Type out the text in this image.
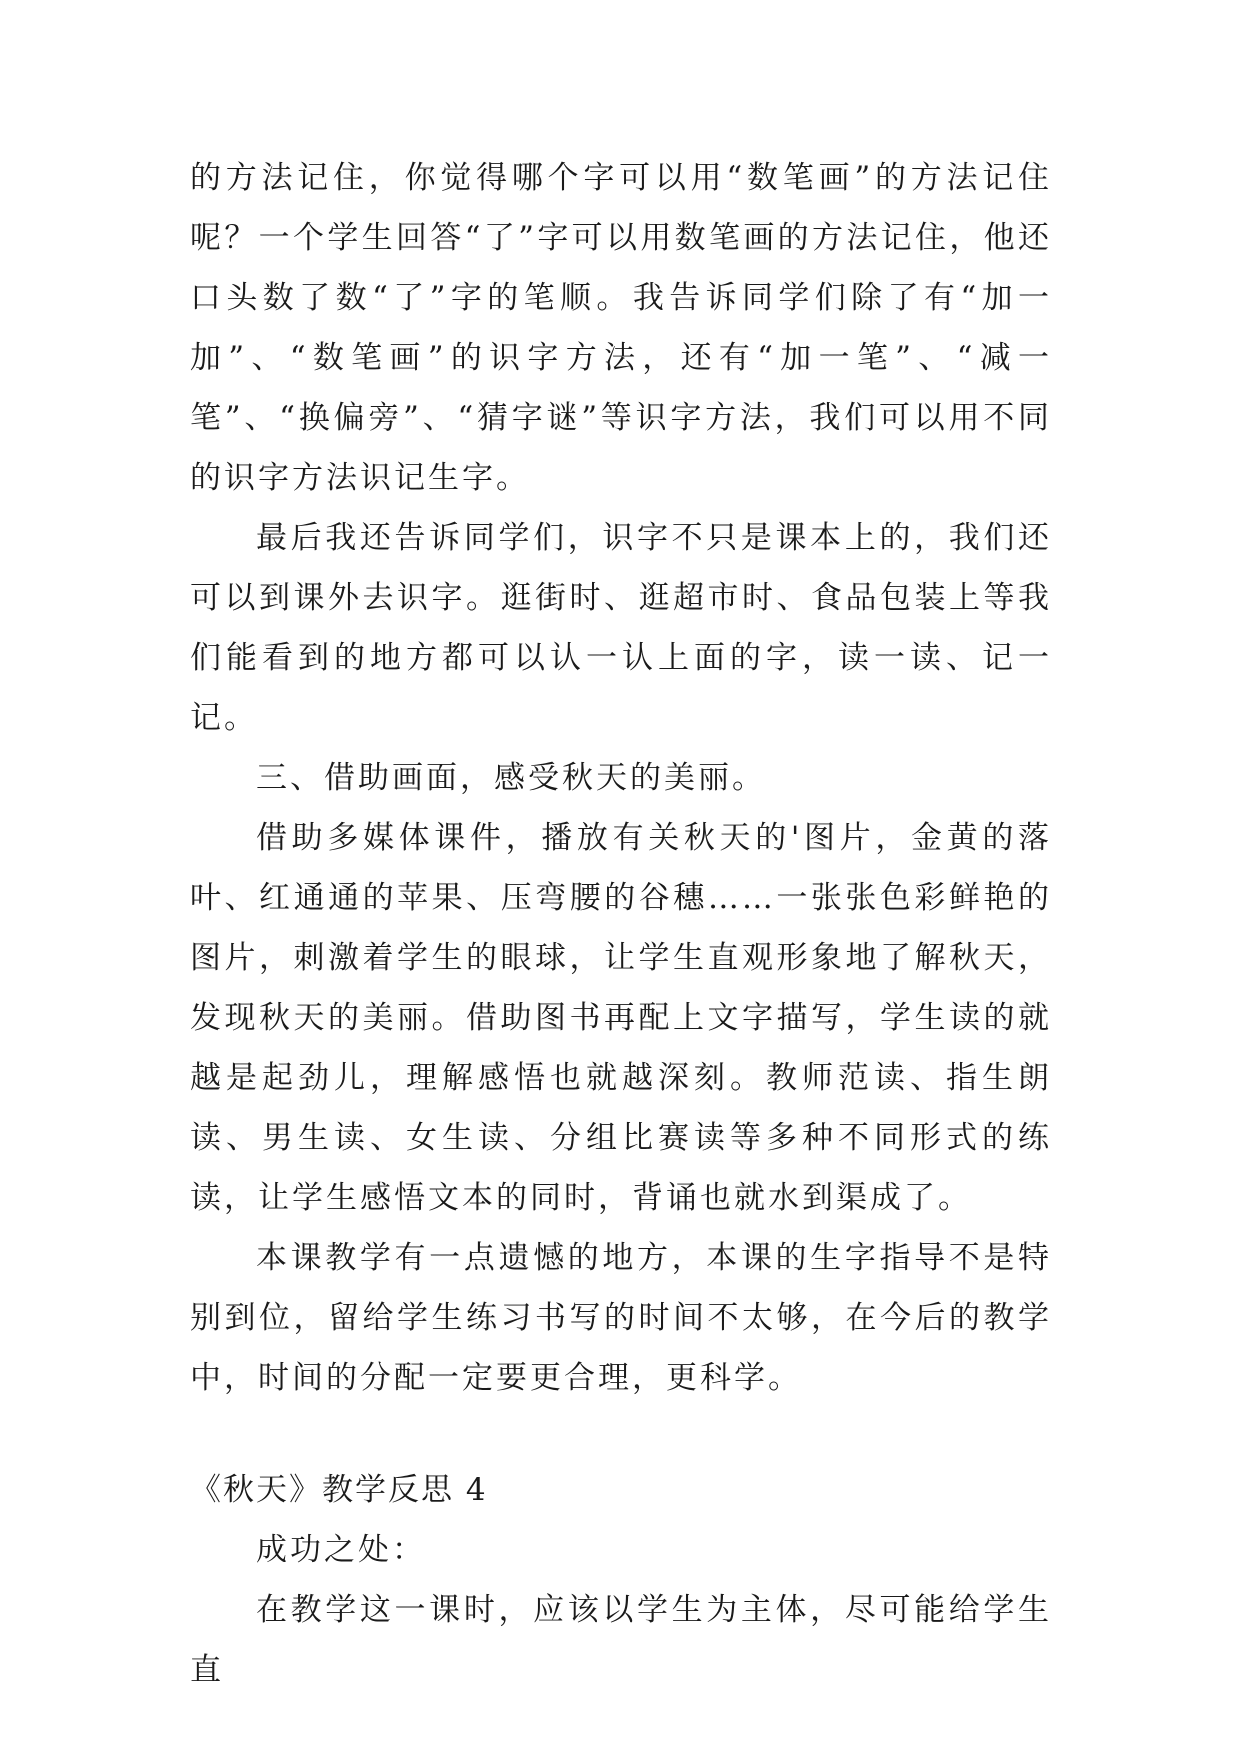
的方法记住，你觉得哪个字可以用“数笔画”的方法记住呢？一个学生回答“了”字可以用数笔画的方法记住，他还口头数了数“了”字的笔顺。我告诉同学们除了有“加一加”、“数笔画”的识字方法，还有“加一笔”、“减一笔”、“换偏旁”、“猜字谜”等识字方法，我们可以用不同的识字方法识记生字。

最后我还告诉同学们，识字不只是课本上的，我们还可以到课外去识字。逛街时、逛超市时、食品包装上等我们能看到的地方都可以认一认上面的字，读一读、记一记。

三、借助画面，感受秋天的美丽。

借助多媒体课件，播放有关秋天的'图片，金黄的落叶、红通通的苹果、压弯腰的谷穗……一张张色彩鲜艳的图片，刺激着学生的眼球，让学生直观形象地了解秋天，发现秋天的美丽。借助图书再配上文字描写，学生读的就越是起劲儿，理解感悟也就越深刻。教师范读、指生朗读、男生读、女生读、分组比赛读等多种不同形式的练读，让学生感悟文本的同时，背诵也就水到渠成了。

本课教学有一点遗憾的地方，本课的生字指导不是特别到位，留给学生练习书写的时间不太够，在今后的教学中，时间的分配一定要更合理，更科学。

《秋天》教学反思 4

成功之处：

在教学这一课时，应该以学生为主体，尽可能给学生直
